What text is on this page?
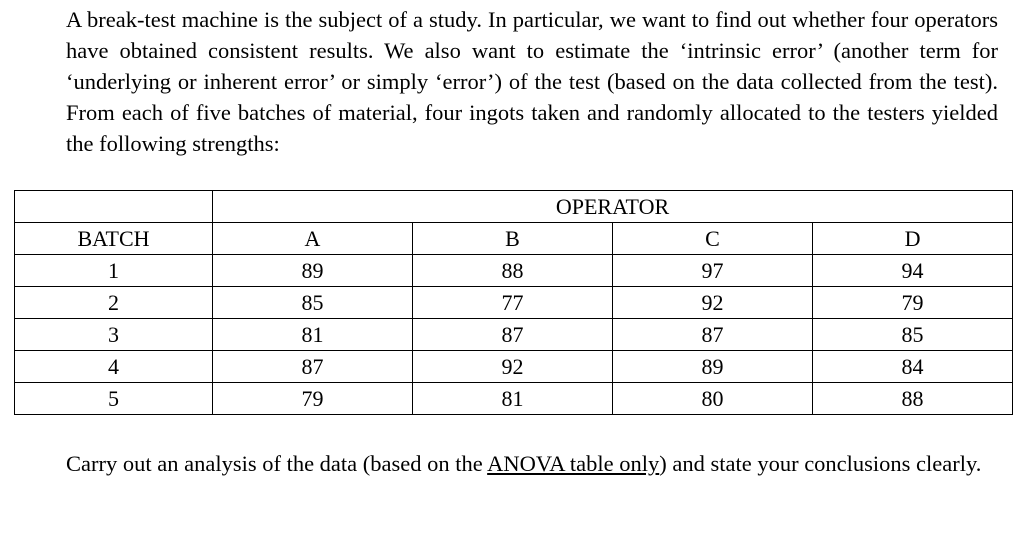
A break-test machine is the subject of a study. In particular, we want to find out whether four operators have obtained consistent results. We also want to estimate the ‘intrinsic error’ (another term for ‘underlying or inherent error’ or simply ‘error’) of the test (based on the data collected from the test). From each of five batches of material, four ingots taken and randomly allocated to the testers yielded the following strengths:

	OPERATOR			
BATCH	A	B	C	D
1	89	88	97	94
2	85	77	92	79
3	81	87	87	85
4	87	92	89	84
5	79	81	80	88

Carry out an analysis of the data (based on the ANOVA table only) and state your conclusions clearly.
